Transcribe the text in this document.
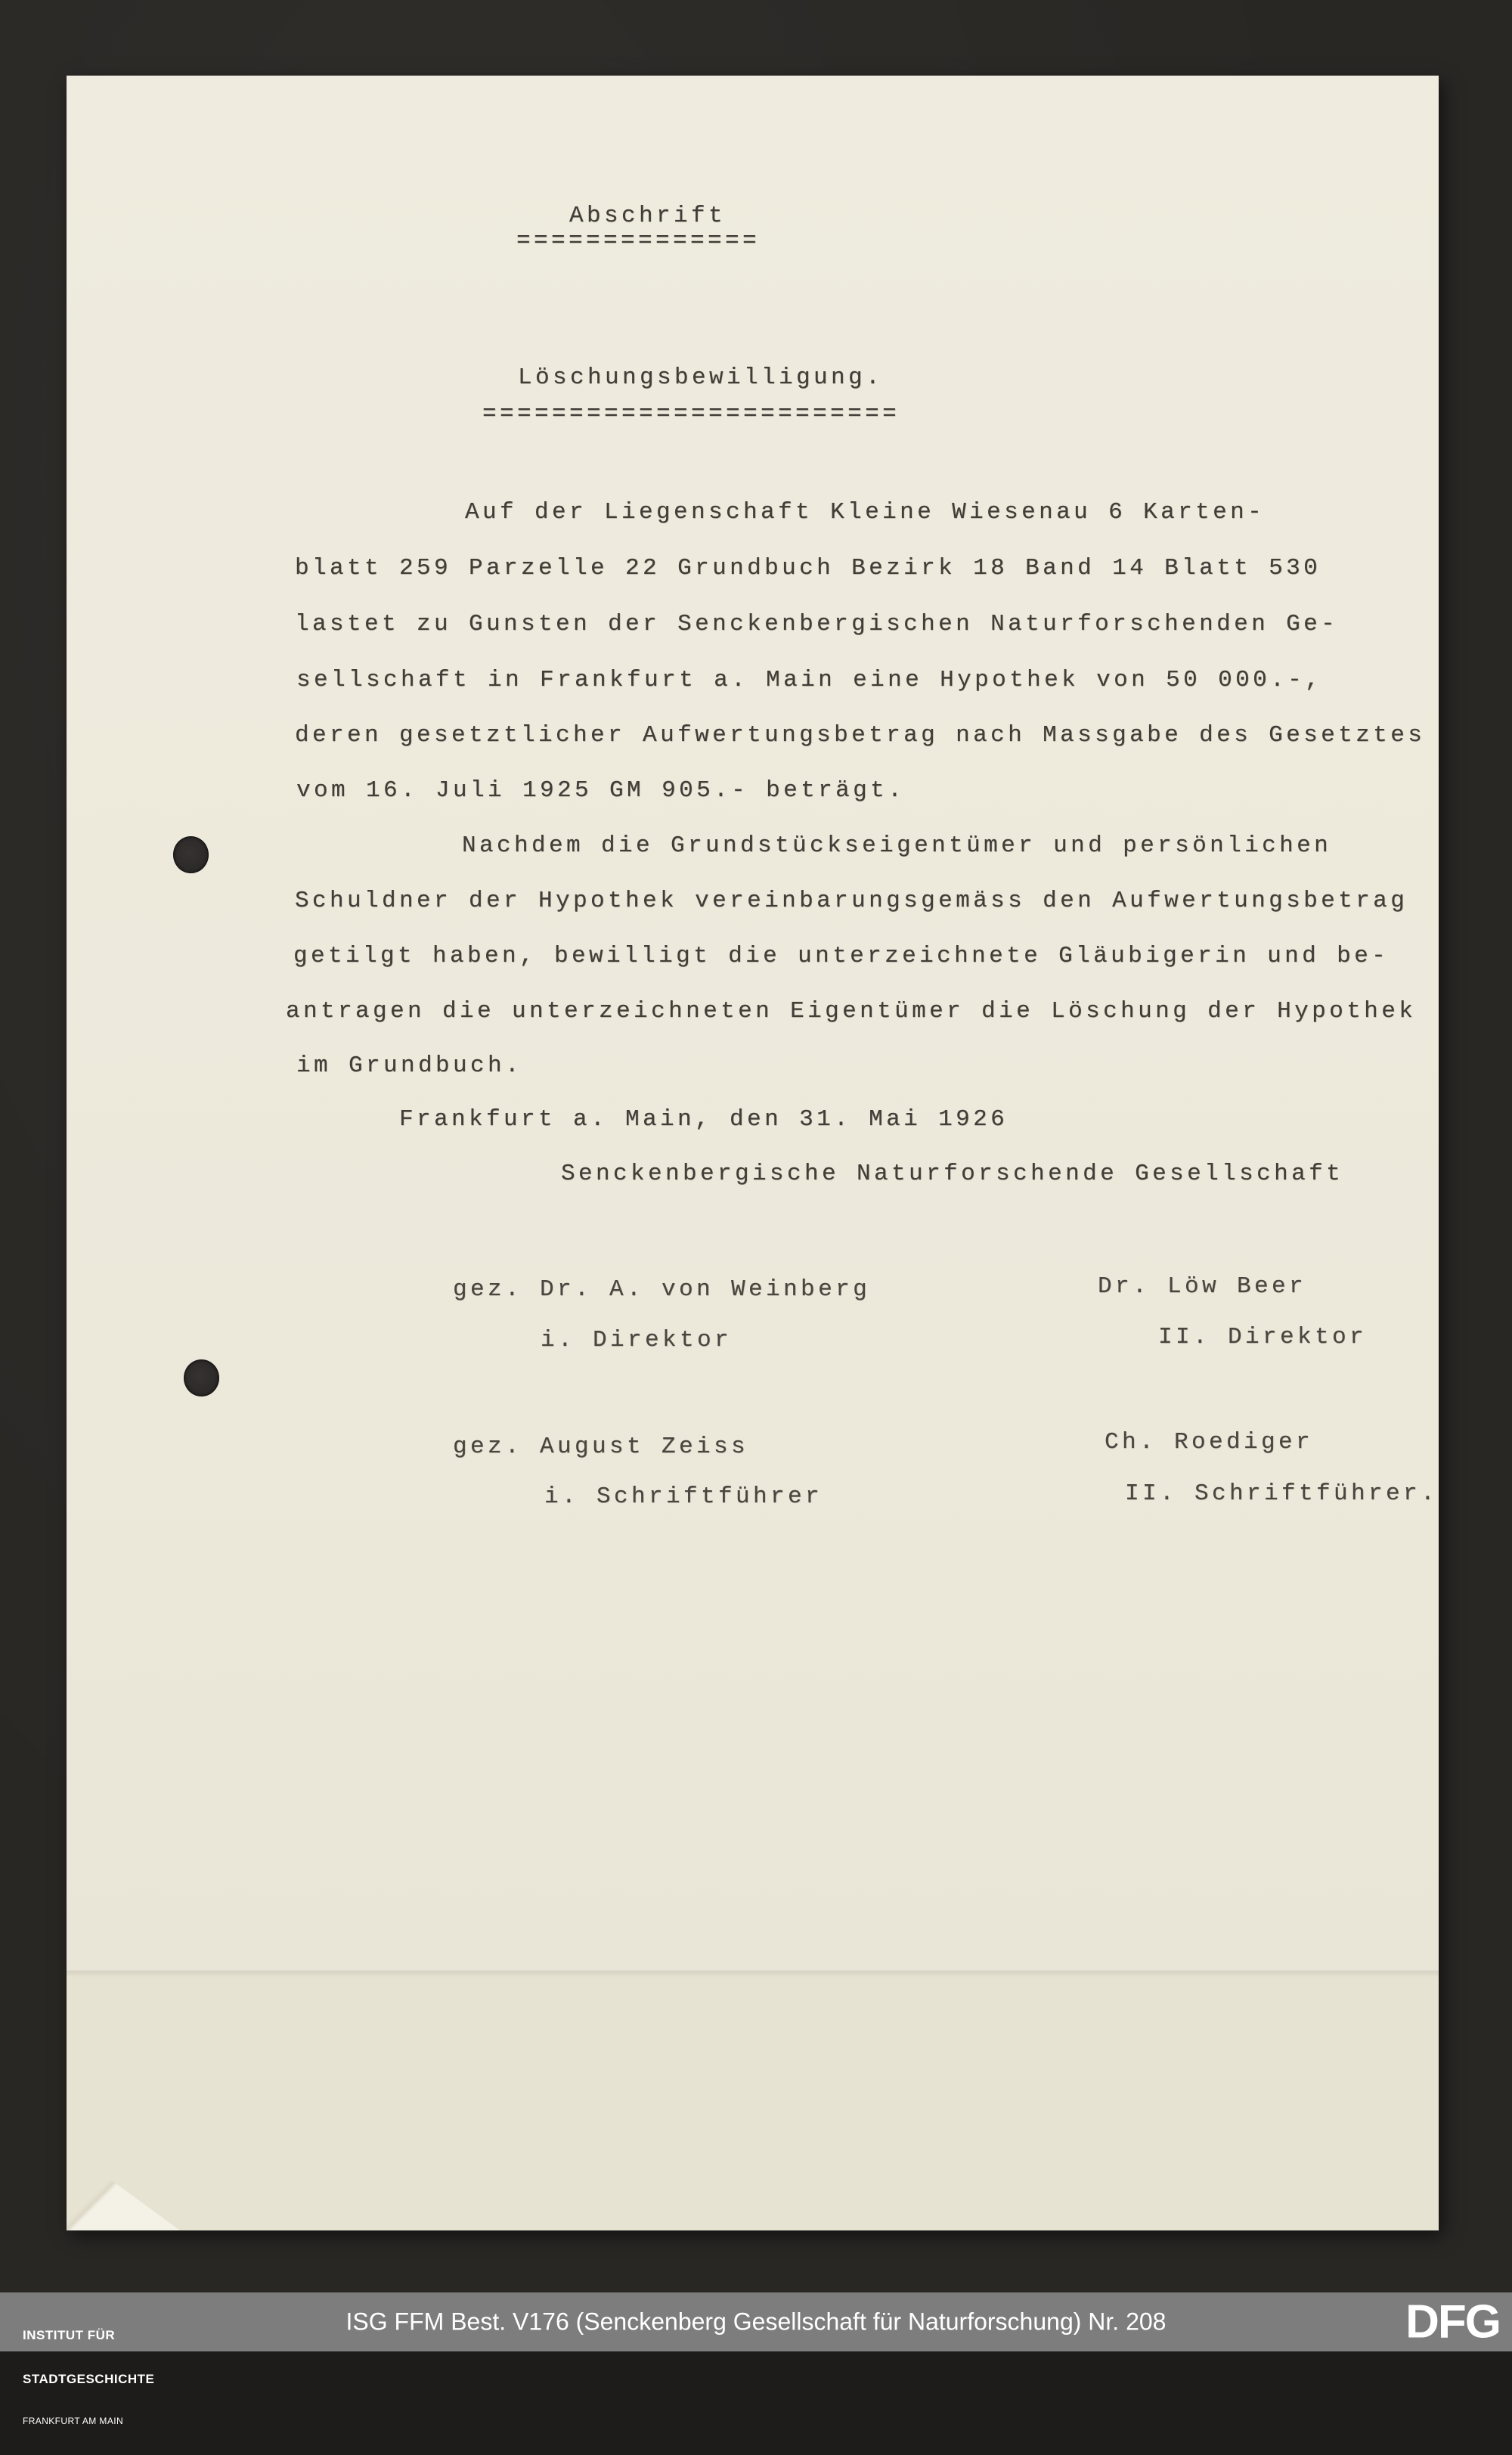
Abschrift
==============
Löschungsbewilligung.
========================
Auf der Liegenschaft Kleine Wiesenau 6 Karten-
blatt 259 Parzelle 22 Grundbuch Bezirk 18 Band 14 Blatt 530
lastet zu Gunsten der Senckenbergischen Naturforschenden Ge-
sellschaft in Frankfurt a. Main eine Hypothek von 50 000.-,
deren gesetztlicher Aufwertungsbetrag nach Massgabe des Gesetztes
vom 16. Juli 1925 GM 905.- beträgt.
Nachdem die Grundstückseigentümer und persönlichen
Schuldner der Hypothek vereinbarungsgemäss den Aufwertungsbetrag
getilgt haben, bewilligt die unterzeichnete Gläubigerin und be-
antragen die unterzeichneten Eigentümer die Löschung der Hypothek
im Grundbuch.
Frankfurt a. Main, den 31. Mai 1926
Senckenbergische Naturforschende Gesellschaft
gez. Dr. A. von Weinberg	Dr. Löw Beer
i. Direktor	II. Direktor
gez. August Zeiss	Ch. Roediger
i. Schriftführer	II. Schriftführer.

INSTITUT FÜR

STADTGESCHICHTE

FRANKFURT AM MAIN

ISG FFM Best. V176 (Senckenberg Gesellschaft für Naturforschung) Nr. 208	DFG
